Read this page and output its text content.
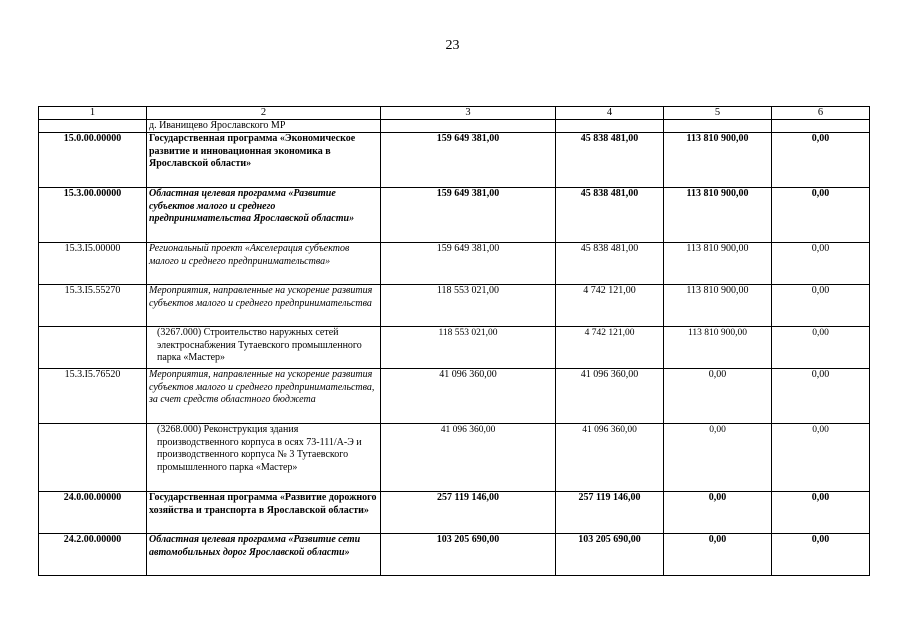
23
1	2	3	4	5	6
	д. Иванищево Ярославского МР				
15.0.00.00000	Государственная программа «Экономическое развитие и инновационная экономика в Ярославской области»	159 649 381,00	45 838 481,00	113 810 900,00	0,00
15.3.00.00000	Областная целевая программа «Развитие субъектов малого и среднего предпринимательства Ярославской области»	159 649 381,00	45 838 481,00	113 810 900,00	0,00
15.3.I5.00000	Региональный проект «Акселерация субъектов малого и среднего предпринимательства»	159 649 381,00	45 838 481,00	113 810 900,00	0,00
15.3.I5.55270	Мероприятия, направленные на ускорение развития субъектов малого и среднего предпринимательства	118 553 021,00	4 742 121,00	113 810 900,00	0,00
	(3267.000) Строительство наружных сетей электроснабжения Тутаевского промышленного парка «Мастер»	118 553 021,00	4 742 121,00	113 810 900,00	0,00
15.3.I5.76520	Мероприятия, направленные на ускорение развития субъектов малого и среднего предпринимательства, за счет средств областного бюджета	41 096 360,00	41 096 360,00	0,00	0,00
	(3268.000) Реконструкция здания производственного корпуса в осях 73-111/А-Э и производственного корпуса № 3 Тутаевского промышленного парка «Мастер»	41 096 360,00	41 096 360,00	0,00	0,00
24.0.00.00000	Государственная программа «Развитие дорожного хозяйства и транспорта в Ярославской области»	257 119 146,00	257 119 146,00	0,00	0,00
24.2.00.00000	Областная целевая программа «Развитие сети автомобильных дорог Ярославской области»	103 205 690,00	103 205 690,00	0,00	0,00
